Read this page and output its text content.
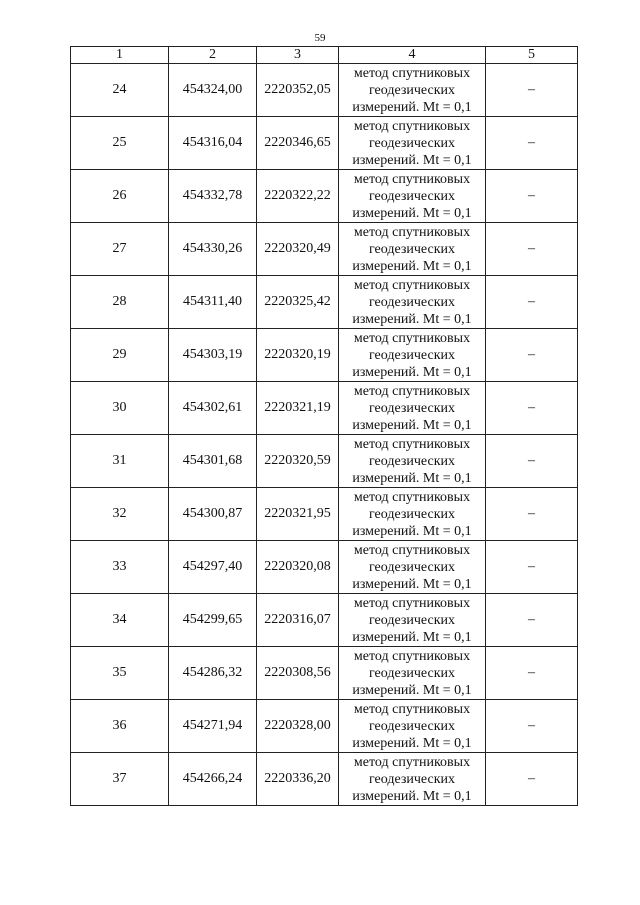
59
1	2	3	4	5
24	454324,00	2220352,05	метод спутниковых
геодезических
измерений. Mt = 0,1	–
25	454316,04	2220346,65	метод спутниковых
геодезических
измерений. Mt = 0,1	–
26	454332,78	2220322,22	метод спутниковых
геодезических
измерений. Mt = 0,1	–
27	454330,26	2220320,49	метод спутниковых
геодезических
измерений. Mt = 0,1	–
28	454311,40	2220325,42	метод спутниковых
геодезических
измерений. Mt = 0,1	–
29	454303,19	2220320,19	метод спутниковых
геодезических
измерений. Mt = 0,1	–
30	454302,61	2220321,19	метод спутниковых
геодезических
измерений. Mt = 0,1	–
31	454301,68	2220320,59	метод спутниковых
геодезических
измерений. Mt = 0,1	–
32	454300,87	2220321,95	метод спутниковых
геодезических
измерений. Mt = 0,1	–
33	454297,40	2220320,08	метод спутниковых
геодезических
измерений. Mt = 0,1	–
34	454299,65	2220316,07	метод спутниковых
геодезических
измерений. Mt = 0,1	–
35	454286,32	2220308,56	метод спутниковых
геодезических
измерений. Mt = 0,1	–
36	454271,94	2220328,00	метод спутниковых
геодезических
измерений. Mt = 0,1	–
37	454266,24	2220336,20	метод спутниковых
геодезических
измерений. Mt = 0,1	–
